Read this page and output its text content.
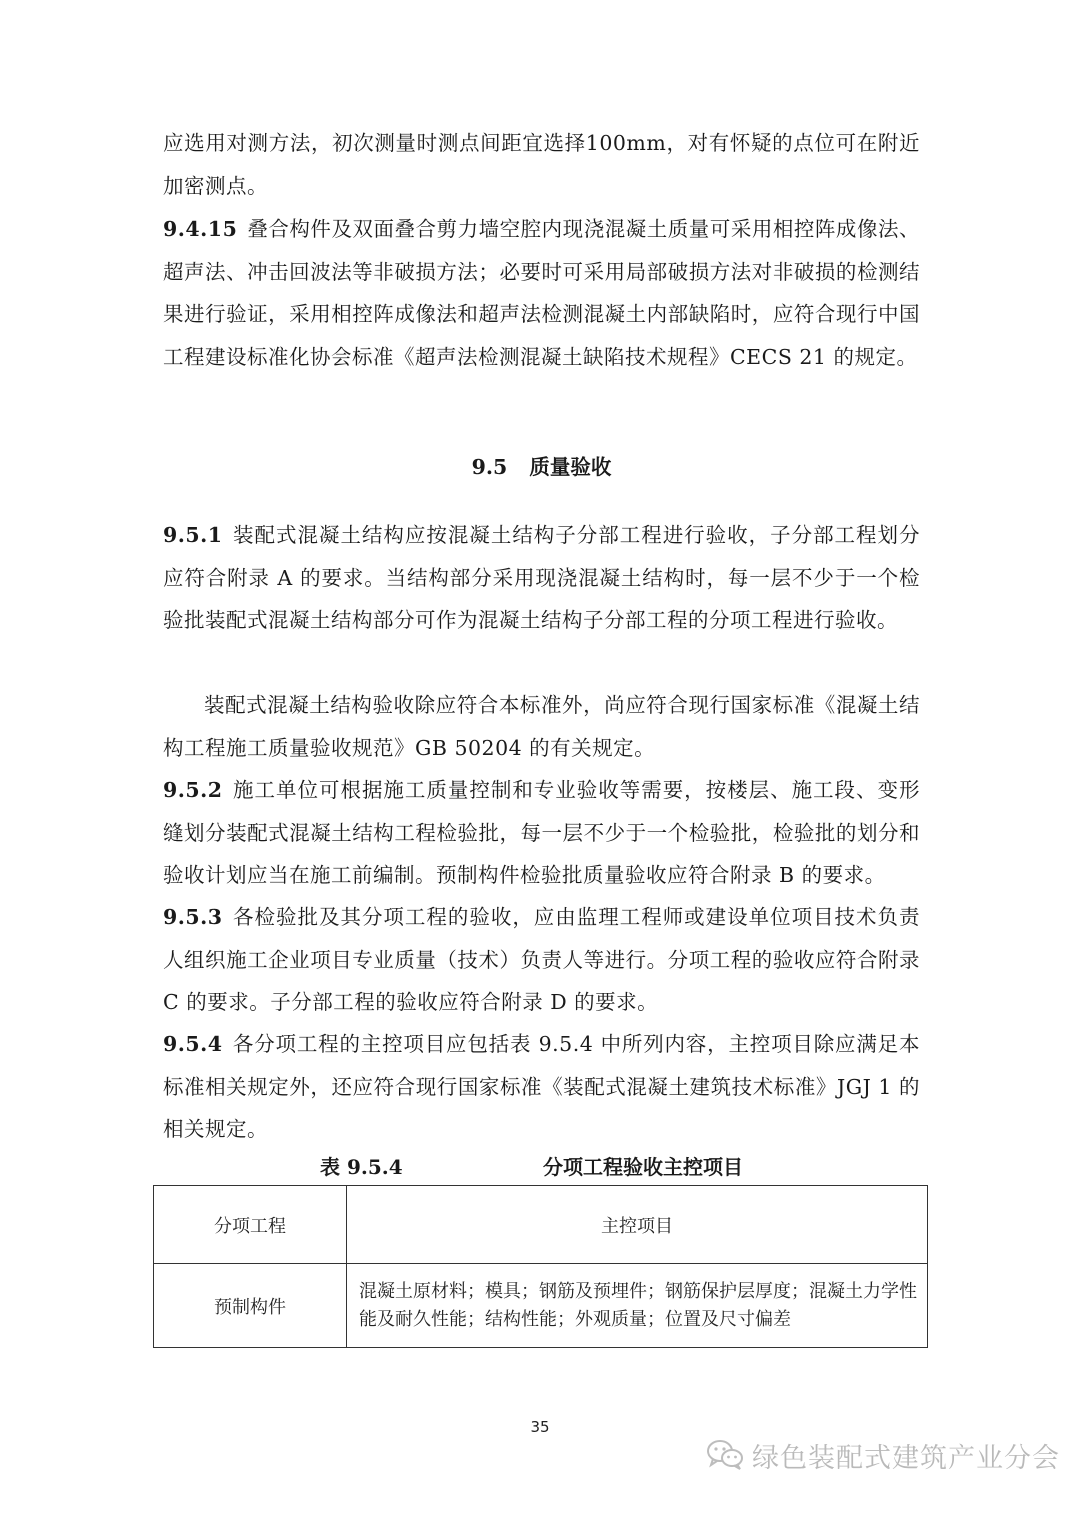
应选用对测方法，初次测量时测点间距宜选择100mm，对有怀疑的点位可在附近加密测点。

9.4.15 叠合构件及双面叠合剪力墙空腔内现浇混凝土质量可采用相控阵成像法、超声法、冲击回波法等非破损方法；必要时可采用局部破损方法对非破损的检测结果进行验证，采用相控阵成像法和超声法检测混凝土内部缺陷时，应符合现行中国工程建设标准化协会标准《超声法检测混凝土缺陷技术规程》CECS 21 的规定。

9.5 质量验收

9.5.1 装配式混凝土结构应按混凝土结构子分部工程进行验收，子分部工程划分应符合附录 A 的要求。当结构部分采用现浇混凝土结构时，每一层不少于一个检验批装配式混凝土结构部分可作为混凝土结构子分部工程的分项工程进行验收。

装配式混凝土结构验收除应符合本标准外，尚应符合现行国家标准《混凝土结构工程施工质量验收规范》GB 50204 的有关规定。

9.5.2 施工单位可根据施工质量控制和专业验收等需要，按楼层、施工段、变形缝划分装配式混凝土结构工程检验批，每一层不少于一个检验批，检验批的划分和验收计划应当在施工前编制。预制构件检验批质量验收应符合附录 B 的要求。

9.5.3 各检验批及其分项工程的验收，应由监理工程师或建设单位项目技术负责人组织施工企业项目专业质量（技术）负责人等进行。分项工程的验收应符合附录 C 的要求。子分部工程的验收应符合附录 D 的要求。

9.5.4 各分项工程的主控项目应包括表 9.5.4 中所列内容，主控项目除应满足本标准相关规定外，还应符合现行国家标准《装配式混凝土建筑技术标准》JGJ 1 的相关规定。

表 9.5.4	分项工程验收主控项目
分项工程	主控项目
预制构件	混凝土原材料；模具；钢筋及预埋件；钢筋保护层厚度；混凝土力学性能及耐久性能；结构性能；外观质量；位置及尺寸偏差
35
绿色装配式建筑产业分会
